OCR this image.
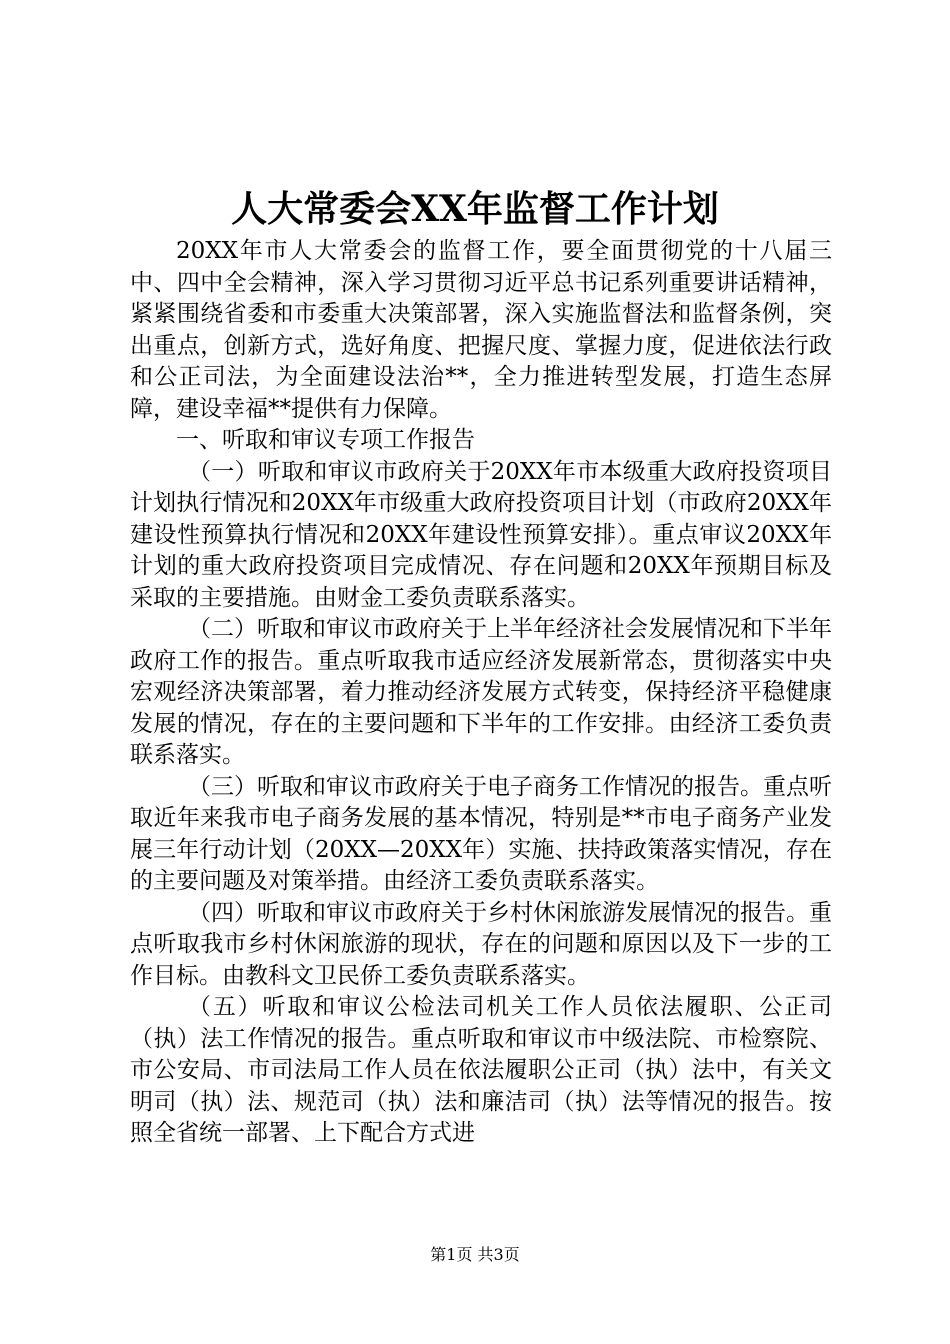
人大常委会XX年监督工作计划

20XX年市人大常委会的监督工作，要全面贯彻党的十八届三中、四中全会精神，深入学习贯彻习近平总书记系列重要讲话精神，紧紧围绕省委和市委重大决策部署，深入实施监督法和监督条例，突出重点，创新方式，选好角度、把握尺度、掌握力度，促进依法行政和公正司法，为全面建设法治**，全力推进转型发展，打造生态屏障，建设幸福**提供有力保障。

一、听取和审议专项工作报告

（一）听取和审议市政府关于20XX年市本级重大政府投资项目计划执行情况和20XX年市级重大政府投资项目计划（市政府20XX年建设性预算执行情况和20XX年建设性预算安排）。重点审议20XX年计划的重大政府投资项目完成情况、存在问题和20XX年预期目标及采取的主要措施。由财金工委负责联系落实。

（二）听取和审议市政府关于上半年经济社会发展情况和下半年政府工作的报告。重点听取我市适应经济发展新常态，贯彻落实中央宏观经济决策部署，着力推动经济发展方式转变，保持经济平稳健康发展的情况，存在的主要问题和下半年的工作安排。由经济工委负责联系落实。

（三）听取和审议市政府关于电子商务工作情况的报告。重点听取近年来我市电子商务发展的基本情况，特别是**市电子商务产业发展三年行动计划（20XX—20XX年）实施、扶持政策落实情况，存在的主要问题及对策举措。由经济工委负责联系落实。

（四）听取和审议市政府关于乡村休闲旅游发展情况的报告。重点听取我市乡村休闲旅游的现状，存在的问题和原因以及下一步的工作目标。由教科文卫民侨工委负责联系落实。

（五）听取和审议公检法司机关工作人员依法履职、公正司（执）法工作情况的报告。重点听取和审议市中级法院、市检察院、市公安局、市司法局工作人员在依法履职公正司（执）法中，有关文明司（执）法、规范司（执）法和廉洁司（执）法等情况的报告。按照全省统一部署、上下配合方式进

第1页 共3页
